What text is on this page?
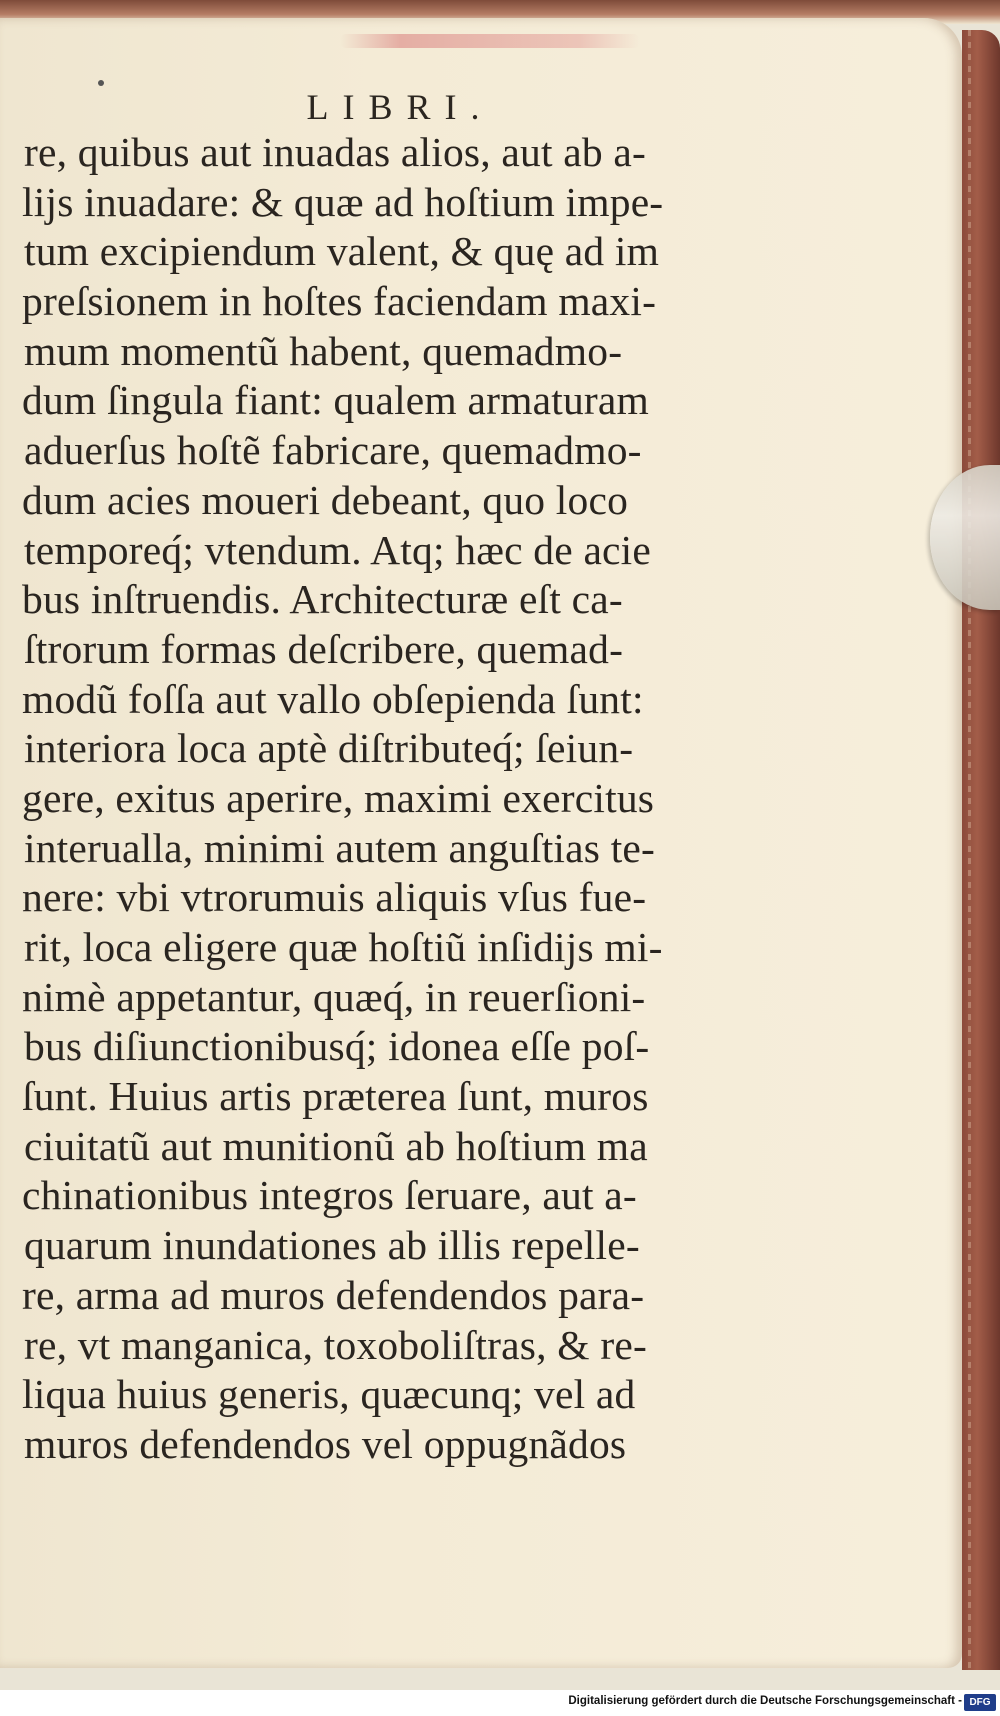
LIBRI.
re, quibus aut inuadas alios, aut ab a-
lijs inuadare: & quæ ad hoſtium impe-
tum excipiendum valent, & quę ad im
preſsionem in hoſtes faciendam maxi-
mum momentũ habent, quemadmo-
dum ſingula fiant: qualem armaturam
aduerſus hoſtẽ fabricare, quemadmo-
dum acies moueri debeant, quo loco
temporeq́; vtendum. Atq; hæc de acie
bus inſtruendis. Architecturæ eſt ca-
ſtrorum formas deſcribere, quemad-
modũ foſſa aut vallo obſepienda ſunt:
interiora loca aptè diſtributeq́; ſeiun-
gere, exitus aperire, maximi exercitus
interualla, minimi autem anguſtias te-
nere: vbi vtrorumuis aliquis vſus fue-
rit, loca eligere quæ hoſtiũ inſidijs mi-
nimè appetantur, quæq́, in reuerſioni-
bus diſiunctionibusq́; idonea eſſe poſ-
ſunt. Huius artis præterea ſunt, muros
ciuitatũ aut munitionũ ab hoſtium ma
chinationibus integros ſeruare, aut a-
quarum inundationes ab illis repelle-
re, arma ad muros defendendos para-
re, vt manganica, toxoboliſtras, & re-
liqua huius generis, quæcunq; vel ad
muros defendendos vel oppugnãdos
Digitalisierung gefördert durch die Deutsche Forschungsgemeinschaft - DFG
